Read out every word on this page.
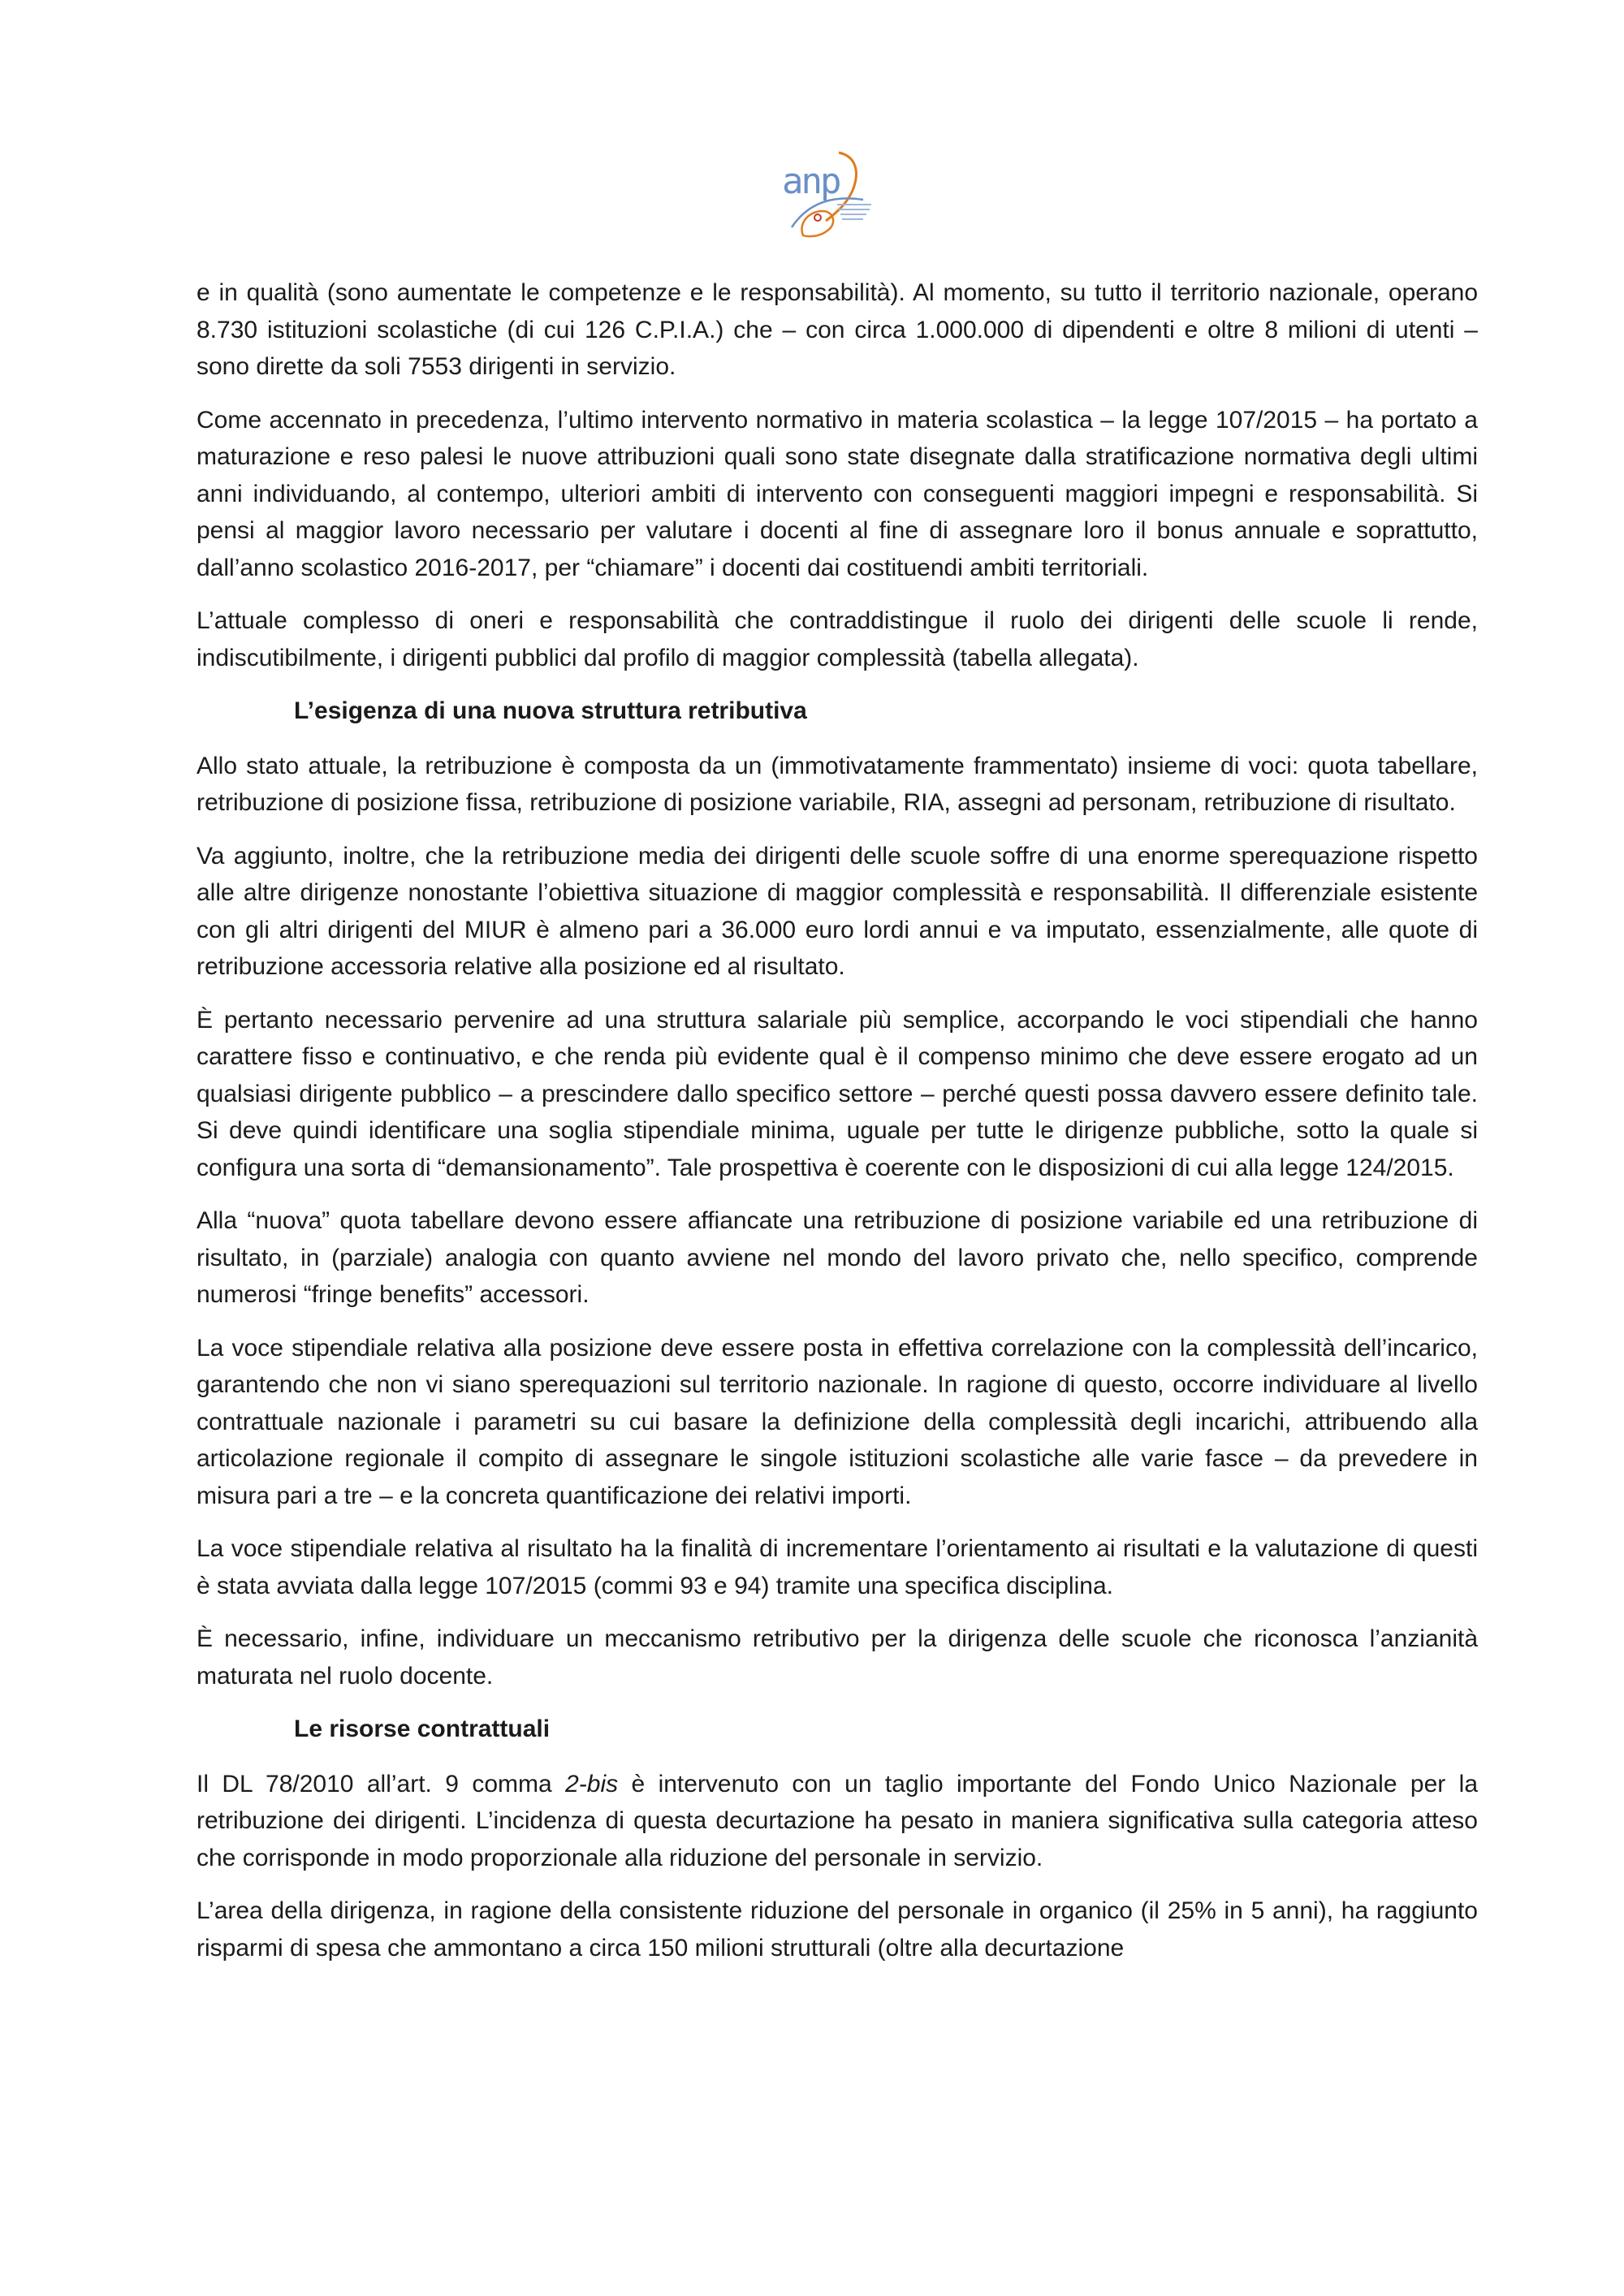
anp

e in qualità (sono aumentate le competenze e le responsabilità). Al momento, su tutto il territorio nazionale, operano 8.730 istituzioni scolastiche (di cui 126 C.P.I.A.) che – con circa 1.000.000 di dipendenti e oltre 8 milioni di utenti – sono dirette da soli 7553 dirigenti in servizio.

Come accennato in precedenza, l’ultimo intervento normativo in materia scolastica – la legge 107/2015 – ha portato a maturazione e reso palesi le nuove attribuzioni quali sono state disegnate dalla stratificazione normativa degli ultimi anni individuando, al contempo, ulteriori ambiti di intervento con conseguenti maggiori impegni e responsabilità. Si pensi al maggior lavoro necessario per valutare i docenti al fine di assegnare loro il bonus annuale e soprattutto, dall’anno scolastico 2016-2017, per “chiamare” i docenti dai costituendi ambiti territoriali.

L’attuale complesso di oneri e responsabilità che contraddistingue il ruolo dei dirigenti delle scuole li rende, indiscutibilmente, i dirigenti pubblici dal profilo di maggior complessità (tabella allegata).

L’esigenza di una nuova struttura retributiva

Allo stato attuale, la retribuzione è composta da un (immotivatamente frammentato) insieme di voci: quota tabellare, retribuzione di posizione fissa, retribuzione di posizione variabile, RIA, assegni ad personam, retribuzione di risultato.

Va aggiunto, inoltre, che la retribuzione media dei dirigenti delle scuole soffre di una enorme sperequazione rispetto alle altre dirigenze nonostante l’obiettiva situazione di maggior complessità e responsabilità. Il differenziale esistente con gli altri dirigenti del MIUR è almeno pari a 36.000 euro lordi annui e va imputato, essenzialmente, alle quote di retribuzione accessoria relative alla posizione ed al risultato.

È pertanto necessario pervenire ad una struttura salariale più semplice, accorpando le voci stipendiali che hanno carattere fisso e continuativo, e che renda più evidente qual è il compenso minimo che deve essere erogato ad un qualsiasi dirigente pubblico – a prescindere dallo specifico settore – perché questi possa davvero essere definito tale. Si deve quindi identificare una soglia stipendiale minima, uguale per tutte le dirigenze pubbliche, sotto la quale si configura una sorta di “demansionamento”. Tale prospettiva è coerente con le disposizioni di cui alla legge 124/2015.

Alla “nuova” quota tabellare devono essere affiancate una retribuzione di posizione variabile ed una retribuzione di risultato, in (parziale) analogia con quanto avviene nel mondo del lavoro privato che, nello specifico, comprende numerosi “fringe benefits” accessori.

La voce stipendiale relativa alla posizione deve essere posta in effettiva correlazione con la complessità dell’incarico, garantendo che non vi siano sperequazioni sul territorio nazionale. In ragione di questo, occorre individuare al livello contrattuale nazionale i parametri su cui basare la definizione della complessità degli incarichi, attribuendo alla articolazione regionale il compito di assegnare le singole istituzioni scolastiche alle varie fasce – da prevedere in misura pari a tre – e la concreta quantificazione dei relativi importi.

La voce stipendiale relativa al risultato ha la finalità di incrementare l’orientamento ai risultati e la valutazione di questi è stata avviata dalla legge 107/2015 (commi 93 e 94) tramite una specifica disciplina.

È necessario, infine, individuare un meccanismo retributivo per la dirigenza delle scuole che riconosca l’anzianità maturata nel ruolo docente.

Le risorse contrattuali

Il DL 78/2010 all’art. 9 comma 2-bis è intervenuto con un taglio importante del Fondo Unico Nazionale per la retribuzione dei dirigenti. L’incidenza di questa decurtazione ha pesato in maniera significativa sulla categoria atteso che corrisponde in modo proporzionale alla riduzione del personale in servizio.

L’area della dirigenza, in ragione della consistente riduzione del personale in organico (il 25% in 5 anni), ha raggiunto risparmi di spesa che ammontano a circa 150 milioni strutturali (oltre alla decurtazione
